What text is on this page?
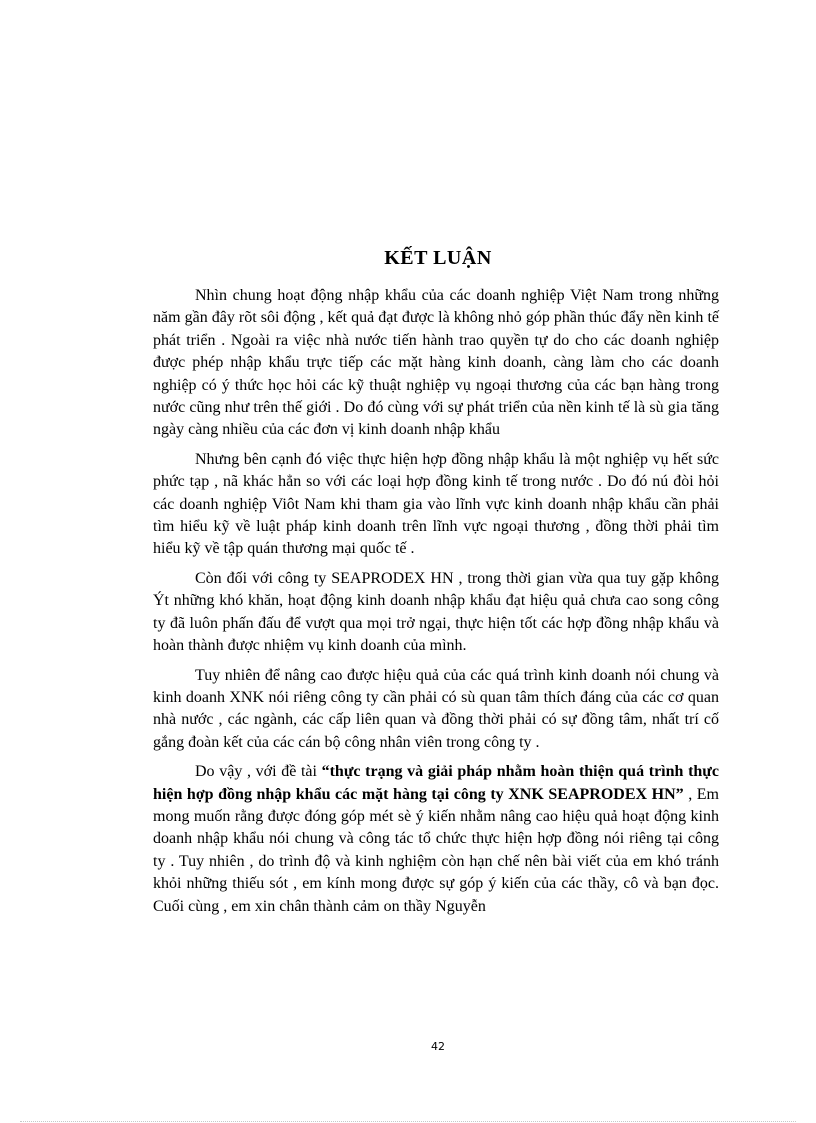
KẾT LUẬN

Nhìn chung hoạt động nhập khẩu của các doanh nghiệp Việt Nam trong những năm gần đây rõt sôi động , kết quả đạt được là không nhỏ góp phần thúc đẩy nền kinh tế phát triển . Ngoài ra việc nhà nước tiến hành trao quyền tự do cho các doanh nghiệp được phép nhập khẩu trực tiếp các mặt hàng kinh doanh, càng làm cho các doanh nghiệp có ý thức học hỏi các kỹ thuật nghiệp vụ ngoại thương của các bạn hàng trong nước cũng như trên thế giới . Do đó cùng với sự phát triển của nền kinh tế là sù gia tăng ngày càng nhiều của các đơn vị kinh doanh nhập khẩu

Nhưng bên cạnh đó việc thực hiện hợp đồng nhập khẩu là một nghiệp vụ hết sức phức tạp , nã khác hẳn so với các loại hợp đồng kinh tế trong nước . Do đó nú đòi hỏi các doanh nghiệp Viôt Nam khi tham gia vào lĩnh vực kinh doanh nhập khẩu cần phải tìm hiểu kỹ về luật pháp kinh doanh trên lĩnh vực ngoại thương , đồng thời phải tìm hiểu kỹ về tập quán thương mại quốc tế .

Còn đối với công ty SEAPRODEX HN , trong thời gian vừa qua tuy gặp không Ýt những khó khăn, hoạt động kinh doanh nhập khẩu đạt hiệu quả chưa cao song công ty đã luôn phấn đấu để vượt qua mọi trở ngại, thực hiện tốt các hợp đồng nhập khẩu và hoàn thành được nhiệm vụ kinh doanh của mình.

Tuy nhiên để nâng cao được hiệu quả của các quá trình kinh doanh nói chung và kinh doanh XNK nói riêng công ty cần phải có sù quan tâm thích đáng của các cơ quan nhà nước , các ngành, các cấp liên quan và đồng thời phải có sự đồng tâm, nhất trí cố gắng đoàn kết của các cán bộ công nhân viên trong công ty .

Do vậy , với đề tài “thực trạng và giải pháp nhằm hoàn thiện quá trình thực hiện hợp đồng nhập khẩu các mặt hàng tại công ty XNK SEAPRODEX HN” , Em mong muốn rằng được đóng góp mét sè ý kiến nhằm nâng cao hiệu quả hoạt động kinh doanh nhập khẩu nói chung và công tác tổ chức thực hiện hợp đồng nói riêng tại công ty . Tuy nhiên , do trình độ và kinh nghiệm còn hạn chế nên bài viết của em khó tránh khỏi những thiếu sót , em kính mong được sự góp ý kiến của các thầy, cô và bạn đọc. Cuối cùng , em xin chân thành cảm on thầy Nguyễn

42
